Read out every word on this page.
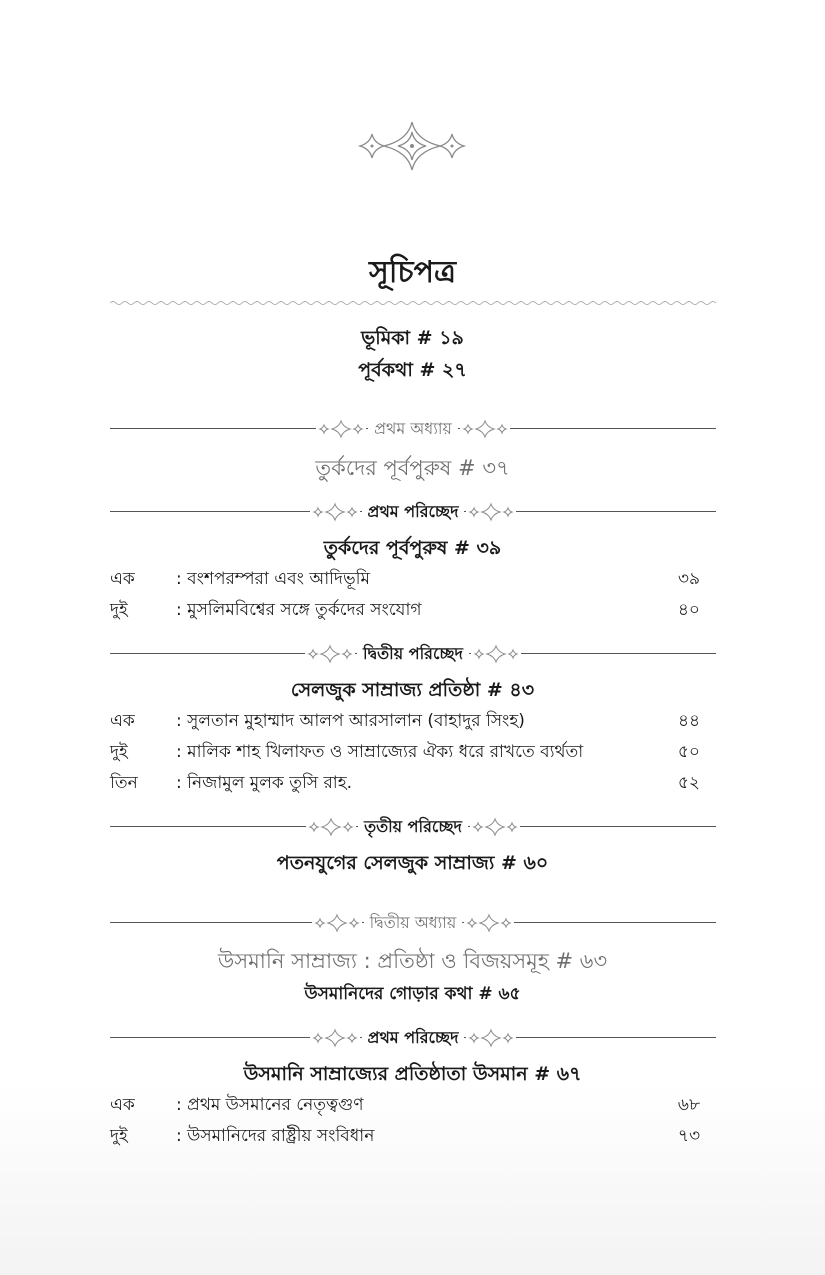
সূচিপত্র
ভূমিকা # ১৯
পূর্বকথা # ২৭
প্রথম অধ্যায়
তুর্কদের পূর্বপুরুষ # ৩৭
প্রথম পরিচ্ছেদ
তুর্কদের পূর্বপুরুষ # ৩৯
এক : বংশপরম্পরা এবং আদিভূমি	৩৯
দুই	: মুসলিমবিশ্বের সঙ্গে তুর্কদের সংযোগ	৪০
দ্বিতীয় পরিচ্ছেদ
সেলজুক সাম্রাজ্য প্রতিষ্ঠা # ৪৩
এক : সুলতান মুহাম্মাদ আলপ আরসালান (বাহাদুর সিংহ)	৪৪
দুই	: মালিক শাহ খিলাফত ও সাম্রাজ্যের ঐক্য ধরে রাখতে ব্যর্থতা	৫০
তিন : নিজামুল মুলক তুসি রাহ.	৫২
তৃতীয় পরিচ্ছেদ
পতনযুগের সেলজুক সাম্রাজ্য # ৬০
দ্বিতীয় অধ্যায়
উসমানি সাম্রাজ্য : প্রতিষ্ঠা ও বিজয়সমূহ # ৬৩
উসমানিদের গোড়ার কথা # ৬৫
প্রথম পরিচ্ছেদ
উসমানি সাম্রাজ্যের প্রতিষ্ঠাতা উসমান # ৬৭
এক : প্রথম উসমানের নেতৃত্বগুণ	৬৮
দুই	: উসমানিদের রাষ্ট্রীয় সংবিধান	৭৩
